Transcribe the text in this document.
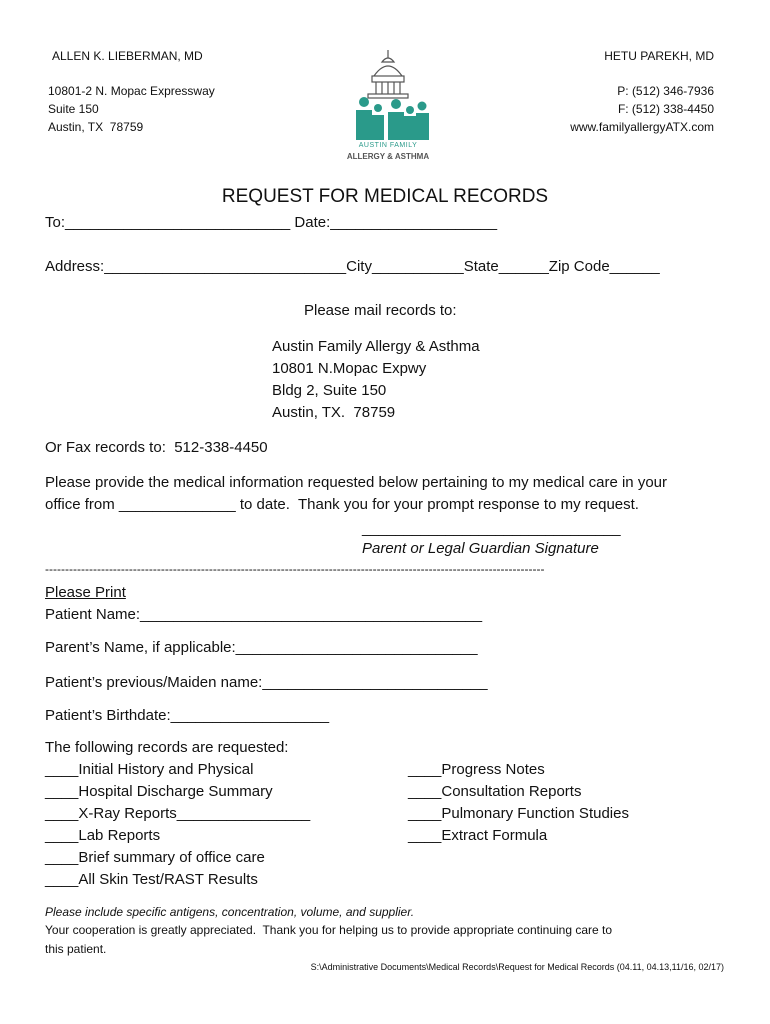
ALLEN K. LIEBERMAN, MD
10801-2 N. Mopac Expressway
Suite 150
Austin, TX  78759
HETU PAREKH, MD
P: (512) 346-7936
F: (512) 338-4450
www.familyallergyATX.com
AUSTIN FAMILY
ALLERGY & ASTHMA
REQUEST FOR MEDICAL RECORDS
To:___________________________ Date:____________________
Address:_____________________________City___________State______Zip Code______
Please mail records to:
Austin Family Allergy & Asthma
10801 N.Mopac Expwy
Bldg 2, Suite 150
Austin, TX.  78759
Or Fax records to:  512-338-4450
Please provide the medical information requested below pertaining to my medical care in your
office from ______________ to date.  Thank you for your prompt response to my request.
_______________________________
Parent or Legal Guardian Signature
-----------------------------------------------------------------------------------------------------------------------------
Please Print
Patient Name:_________________________________________
Parent’s Name, if applicable:_____________________________
Patient’s previous/Maiden name:___________________________
Patient’s Birthdate:___________________
The following records are requested:
____Initial History and Physical
____Hospital Discharge Summary
____X-Ray Reports________________
____Lab Reports
____Brief summary of office care
____All Skin Test/RAST Results
____Progress Notes
____Consultation Reports
____Pulmonary Function Studies
____Extract Formula
Please include specific antigens, concentration, volume, and supplier.
Your cooperation is greatly appreciated.  Thank you for helping us to provide appropriate continuing care to
this patient.
S:\Administrative Documents\Medical Records\Request for Medical Records (04.11, 04.13,11/16, 02/17)
